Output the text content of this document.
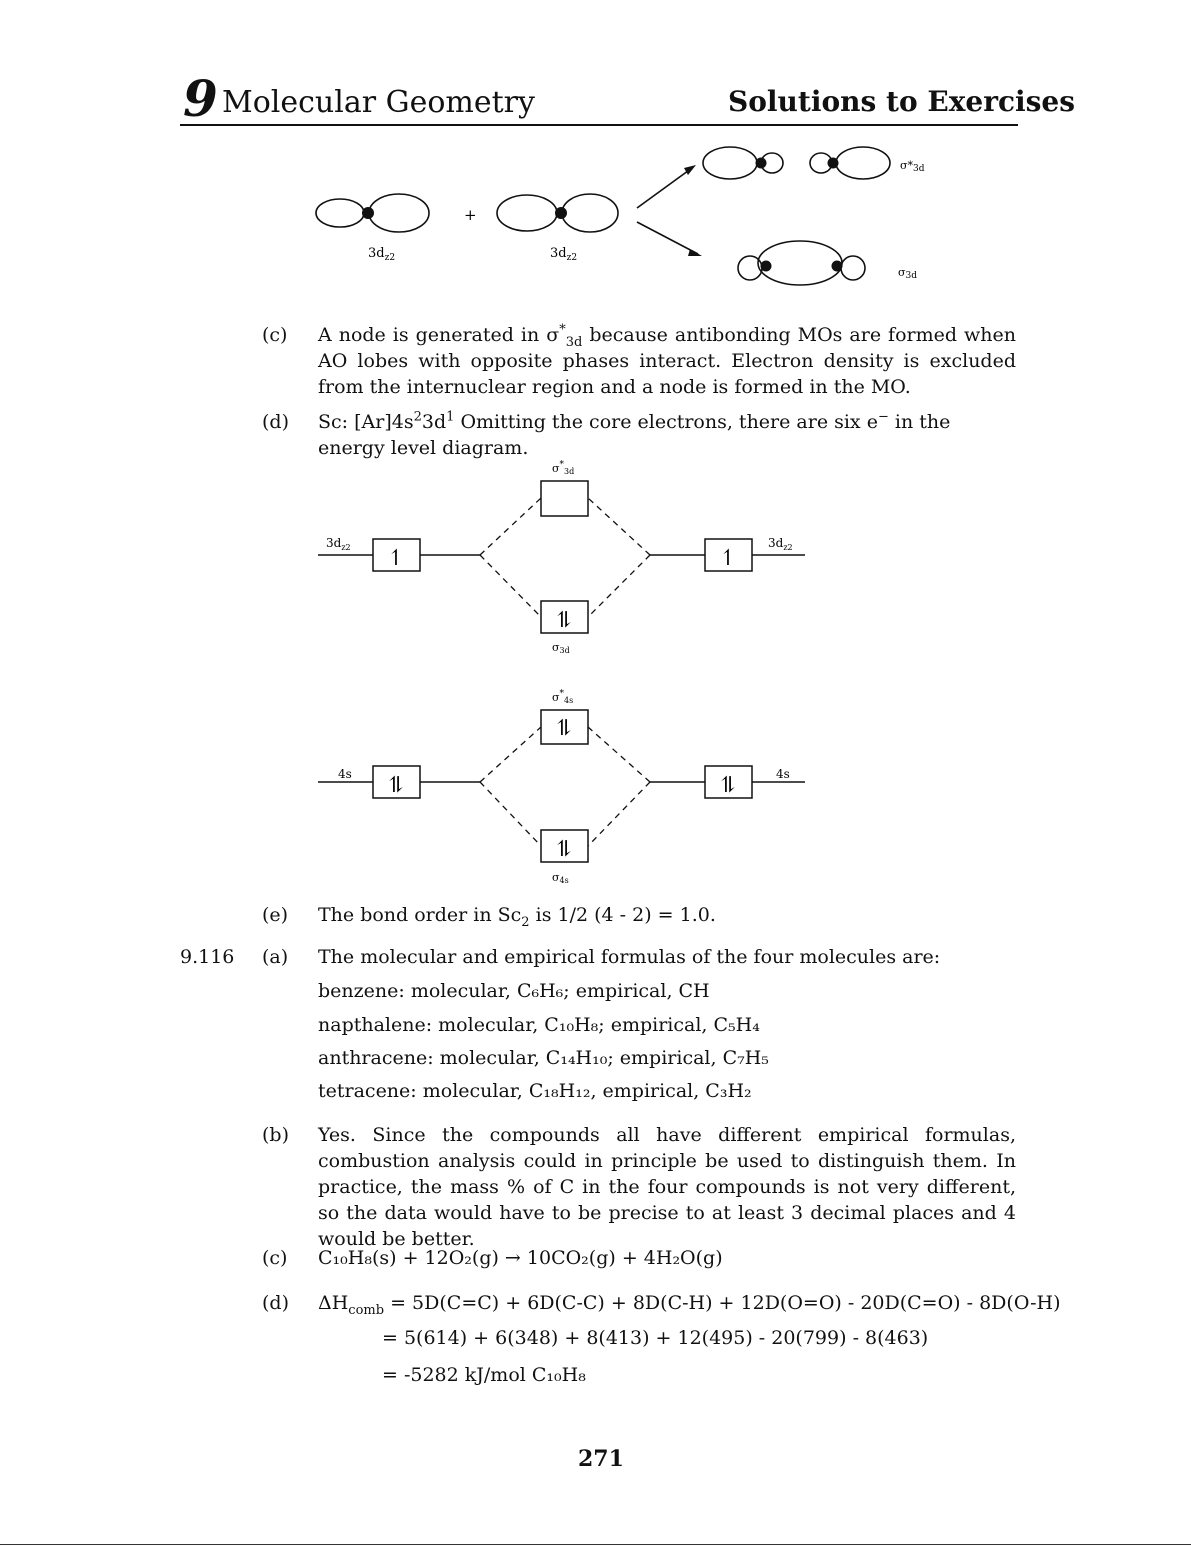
9 Molecular Geometry	Solutions to Exercises
$3d_{z2}$
+
$3d_{z2}$
σ*3d
σ3d
(c) A node is generated in $\sigma^*_{3d}$ because antibonding MOs are formed when AO lobes with opposite phases interact. Electron density is excluded from the internuclear region and a node is formed in the MO.
(d) Sc: $[Ar]4s^23d^1$ Omitting the core electrons, there are six e− in the energy level diagram.
$3d_{z2}$	$3d_{z2}$
$\sigma^*_{3d}$
σ3d
↿	↿
⥮
4s	4s
$\sigma^*_{4s}$
σ4s
⥮	⥮
⥮
⥮
(e) The bond order in $Sc_2$ is 1/2 (4 - 2) = 1.0.
9.116 (a) The molecular and empirical formulas of the four molecules are:
benzene: molecular, C₆H₆; empirical, CH
napthalene: molecular, C₁₀H₈; empirical, C₅H₄
anthracene: molecular, C₁₄H₁₀; empirical, C₇H₅
tetracene: molecular, C₁₈H₁₂, empirical, C₃H₂
(b) Yes. Since the compounds all have different empirical formulas, combustion analysis could in principle be used to distinguish them. In practice, the mass % of C in the four compounds is not very different, so the data would have to be precise to at least 3 decimal places and 4 would be better.
(c) C₁₀H₈(s) + 12O₂(g) → 10CO₂(g) + 4H₂O(g)
(d) $\Delta H_{comb} = 5D(C=C) + 6D(C-C) + 8D(C-H) + 12D(O=O) - 20D(C=O) - 8D(O-H)$
= 5(614) + 6(348) + 8(413) + 12(495) - 20(799) - 8(463)
= -5282 kJ/mol C₁₀H₈
271
